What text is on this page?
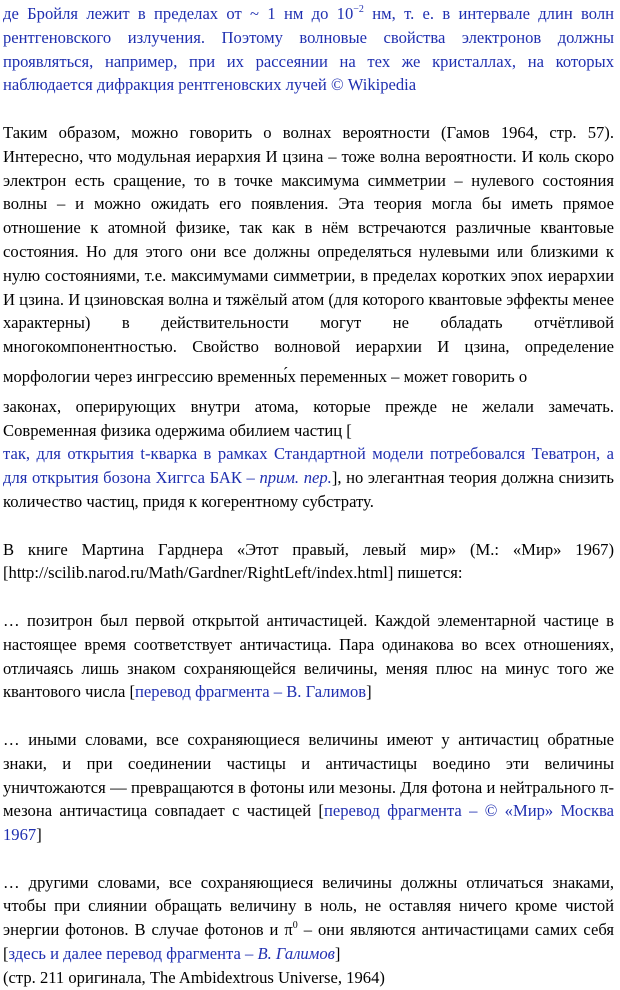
де Бройля лежит в пределах от ~ 1 нм до $10^{-2}$ нм, т. е. в интервале длин волн рентгеновского излучения. Поэтому волновые свойства электронов должны проявляться, например, при их рассеянии на тех же кристаллах, на которых наблюдается дифракция рентгеновских лучей © Wikipedia

Таким образом, можно говорить о волнах вероятности (Гамов 1964, стр. 57). Интересно, что модульная иерархия И цзина – тоже волна вероятности. И коль скоро электрон есть сращение, то в точке максимума симметрии – нулевого состояния волны – и можно ожидать его появления. Эта теория могла бы иметь прямое отношение к атомной физике, так как в нём встречаются различные квантовые состояния. Но для этого они все должны определяться нулевыми или близкими к нулю состояниями, т.е. максимумами симметрии, в пределах коротких эпох иерархии И цзина. И цзиновская волна и тяжёлый атом (для которого квантовые эффекты менее характерны) в действительности могут не обладать отчётливой многокомпонентностью. Свойство волновой иерархии И цзина, определение морфологии через ингрессию временны́х переменных – может говорить о законах, оперирующих внутри атома, которые прежде не желали замечать. Современная физика одержима обилием частиц [так, для открытия t-кварка в рамках Стандартной модели потребовался Теватрон, а для открытия бозона Хиггса БАК – прим. пер.], но элегантная теория должна снизить количество частиц, придя к когерентному субстрату.

В книге Мартина Гарднера «Этот правый, левый мир» (М.: «Мир» 1967) [http://scilib.narod.ru/Math/Gardner/RightLeft/index.html] пишется:

… позитрон был первой открытой античастицей. Каждой элементарной частице в настоящее время соответствует античастица. Пара одинакова во всех отношениях, отличаясь лишь знаком сохраняющейся величины, меняя плюс на минус того же квантового числа [перевод фрагмента – В. Галимов]

… иными словами, все сохраняющиеся величины имеют у античастиц обратные знаки, и при соединении частицы и античастицы воедино эти величины уничтожаются — превращаются в фотоны или мезоны. Для фотона и нейтрального π-мезона античастица совпадает с частицей [перевод фрагмента – © «Мир» Москва 1967]

… другими словами, все сохраняющиеся величины должны отличаться знаками, чтобы при слиянии обращать величину в ноль, не оставляя ничего кроме чистой энергии фотонов. В случае фотонов и $\pi^0$ – они являются античастицами самих себя [здесь и далее перевод фрагмента – В. Галимов]
(стр. 211 оригинала, The Ambidextrous Universe, 1964)
